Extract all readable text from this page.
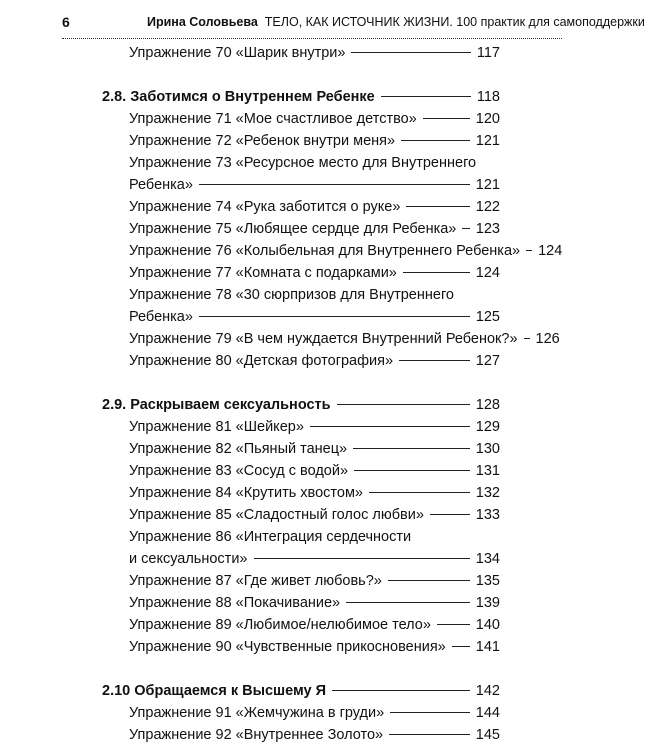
6	Ирина Соловьева ТЕЛО, КАК ИСТОЧНИК ЖИЗНИ. 100 практик для самоподдержки
Упражнение 70 «Шарик внутри»	117
2.8. Заботимся о Внутреннем Ребенке	118
Упражнение 71 «Мое счастливое детство»	120
Упражнение 72 «Ребенок внутри меня»	121
Упражнение 73 «Ресурсное место для Внутреннего
Ребенка»	121
Упражнение 74 «Рука заботится о руке»	122
Упражнение 75 «Любящее сердце для Ребенка» 123
Упражнение 76 «Колыбельная для Внутреннего Ребенка» 124
Упражнение 77 «Комната с подарками»	124
Упражнение 78 «30 сюрпризов для Внутреннего
Ребенка»	125
Упражнение 79 «В чем нуждается Внутренний Ребенок?» 126
Упражнение 80 «Детская фотография»	127
2.9. Раскрываем сексуальность	128
Упражнение 81 «Шейкер»	129
Упражнение 82 «Пьяный танец»	130
Упражнение 83 «Сосуд с водой»	131
Упражнение 84 «Крутить хвостом»	132
Упражнение 85 «Сладостный голос любви»	133
Упражнение 86 «Интеграция сердечности
и сексуальности»	134
Упражнение 87 «Где живет любовь?»	135
Упражнение 88 «Покачивание»	139
Упражнение 89 «Любимое/нелюбимое тело»	140
Упражнение 90 «Чувственные прикосновения» 141
2.10 Обращаемся к Высшему Я	142
Упражнение 91 «Жемчужина в груди»	144
Упражнение 92 «Внутреннее Золото»	145
